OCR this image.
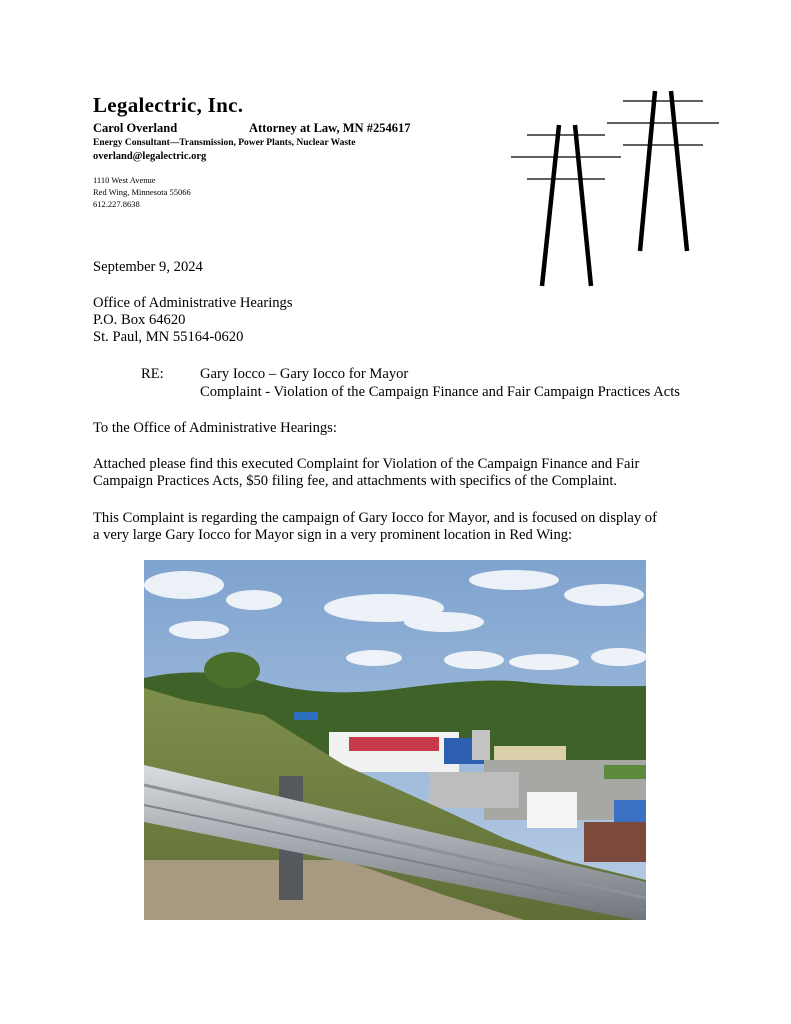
Legalectric, Inc.
Carol Overland	Attorney at Law, MN #254617
Energy Consultant—Transmission, Power Plants, Nuclear Waste
overland@legalectric.org
1110 West Avenue
Red Wing, Minnesota 55066
612.227.8638
September 9, 2024
Office of Administrative Hearings
P.O. Box 64620
St. Paul, MN 55164-0620
RE: Gary Iocco – Gary Iocco for Mayor
Complaint - Violation of the Campaign Finance and Fair Campaign Practices Acts
To the Office of Administrative Hearings:
Attached please find this executed Complaint for Violation of the Campaign Finance and Fair
Campaign Practices Acts, $50 filing fee, and attachments with specifics of the Complaint.
This Complaint is regarding the campaign of Gary Iocco for Mayor, and is focused on display of
a very large Gary Iocco for Mayor sign in a very prominent location in Red Wing:
